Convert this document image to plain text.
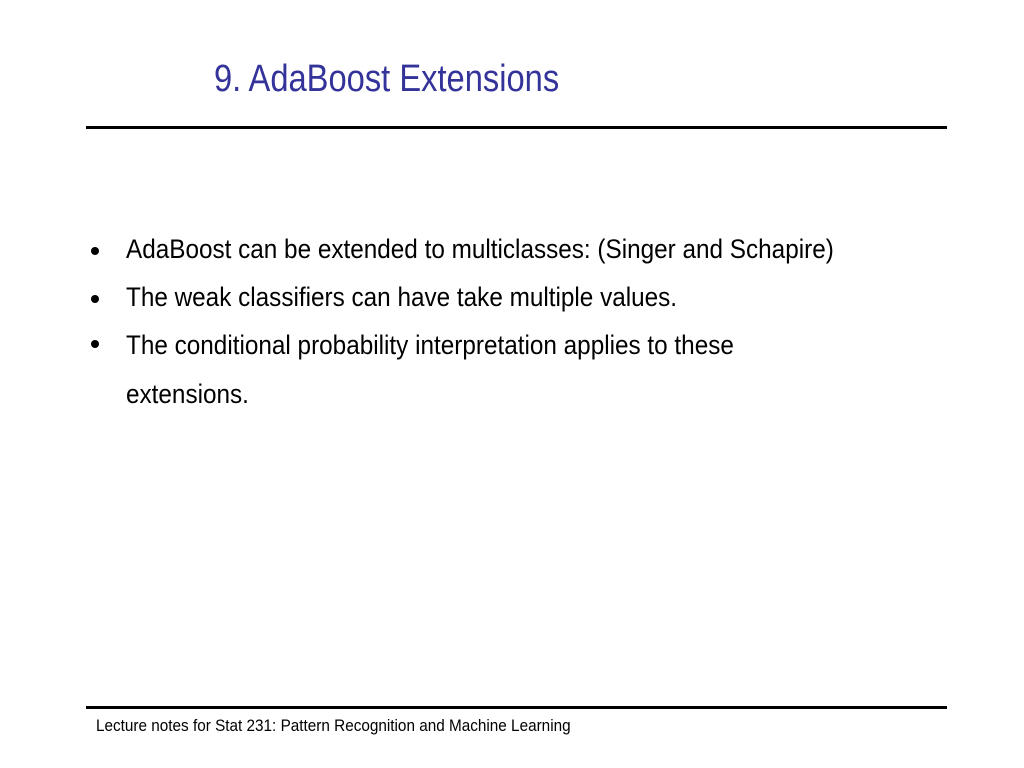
9. AdaBoost Extensions
AdaBoost can be extended to multiclasses: (Singer and Schapire)
The weak classifiers can have take multiple values.
The conditional probability interpretation applies to these extensions.
Lecture notes for Stat 231: Pattern Recognition and Machine Learning
